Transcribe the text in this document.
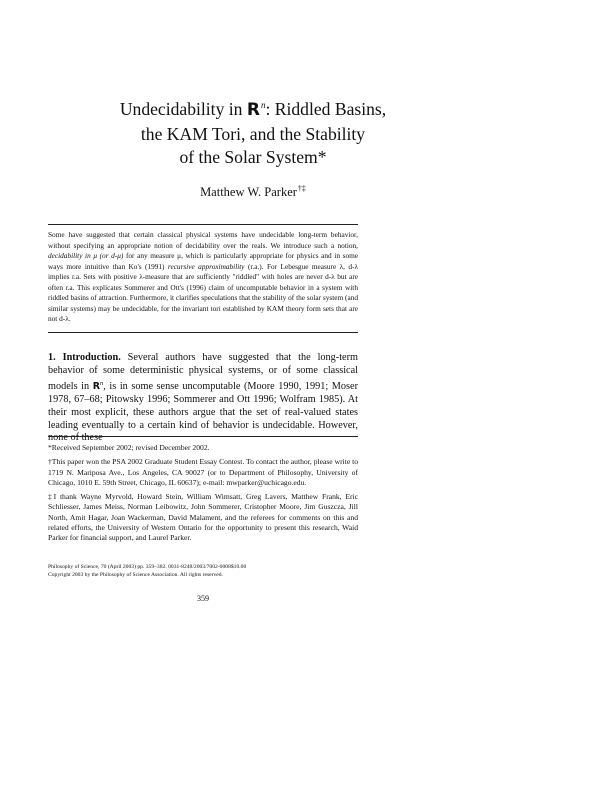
Undecidability in $R^n$: Riddled Basins,
the KAM Tori, and the Stability
of the Solar System*
Matthew W. Parker†‡
Some have suggested that certain classical physical systems have undecidable long-term behavior, without specifying an appropriate notion of decidability over the reals. We introduce such a notion, decidability in μ (or d-μ) for any measure μ, which is particularly appropriate for physics and in some ways more intuitive than Ko's (1991) recursive approximability (r.a.). For Lebesgue measure λ, d-λ implies r.a. Sets with positive λ-measure that are sufficiently "riddled" with holes are never d-λ but are often r.a. This explicates Sommerer and Ott's (1996) claim of uncomputable behavior in a system with riddled basins of attraction. Furthermore, it clarifies speculations that the stability of the solar system (and similar systems) may be undecidable, for the invariant tori established by KAM theory form sets that are not d-λ.
1. Introduction. Several authors have suggested that the long-term behavior of some deterministic physical systems, or of some classical models in $R^n$, is in some sense uncomputable (Moore 1990, 1991; Moser 1978, 67–68; Pitowsky 1996; Sommerer and Ott 1996; Wolfram 1985). At their most explicit, these authors argue that the set of real-valued states leading eventually to a certain kind of behavior is undecidable. However, none of these

*Received September 2002; revised December 2002.

†This paper won the PSA 2002 Graduate Student Essay Contest. To contact the author, please write to 1719 N. Mariposa Ave., Los Angeles, CA 90027 (or to Department of Philosophy, University of Chicago, 1010 E. 59th Street, Chicago, IL 60637); e-mail: mwparker@uchicago.edu.

‡I thank Wayne Myrvold, Howard Stein, William Wimsatt, Greg Lavers, Matthew Frank, Eric Schliesser, James Meiss, Norman Leibowitz, John Sommerer, Cristopher Moore, Jim Guszcza, Jill North, Amit Hagar, Joan Wackerman, David Malament, and the referees for comments on this and related efforts, the University of Western Ontario for the opportunity to present this research, Waid Parker for financial support, and Laurel Parker.

Philosophy of Science, 70 (April 2003) pp. 359–382. 0031-8248/2003/7002-0008$10.00
Copyright 2003 by the Philosophy of Science Association. All rights reserved.
359
